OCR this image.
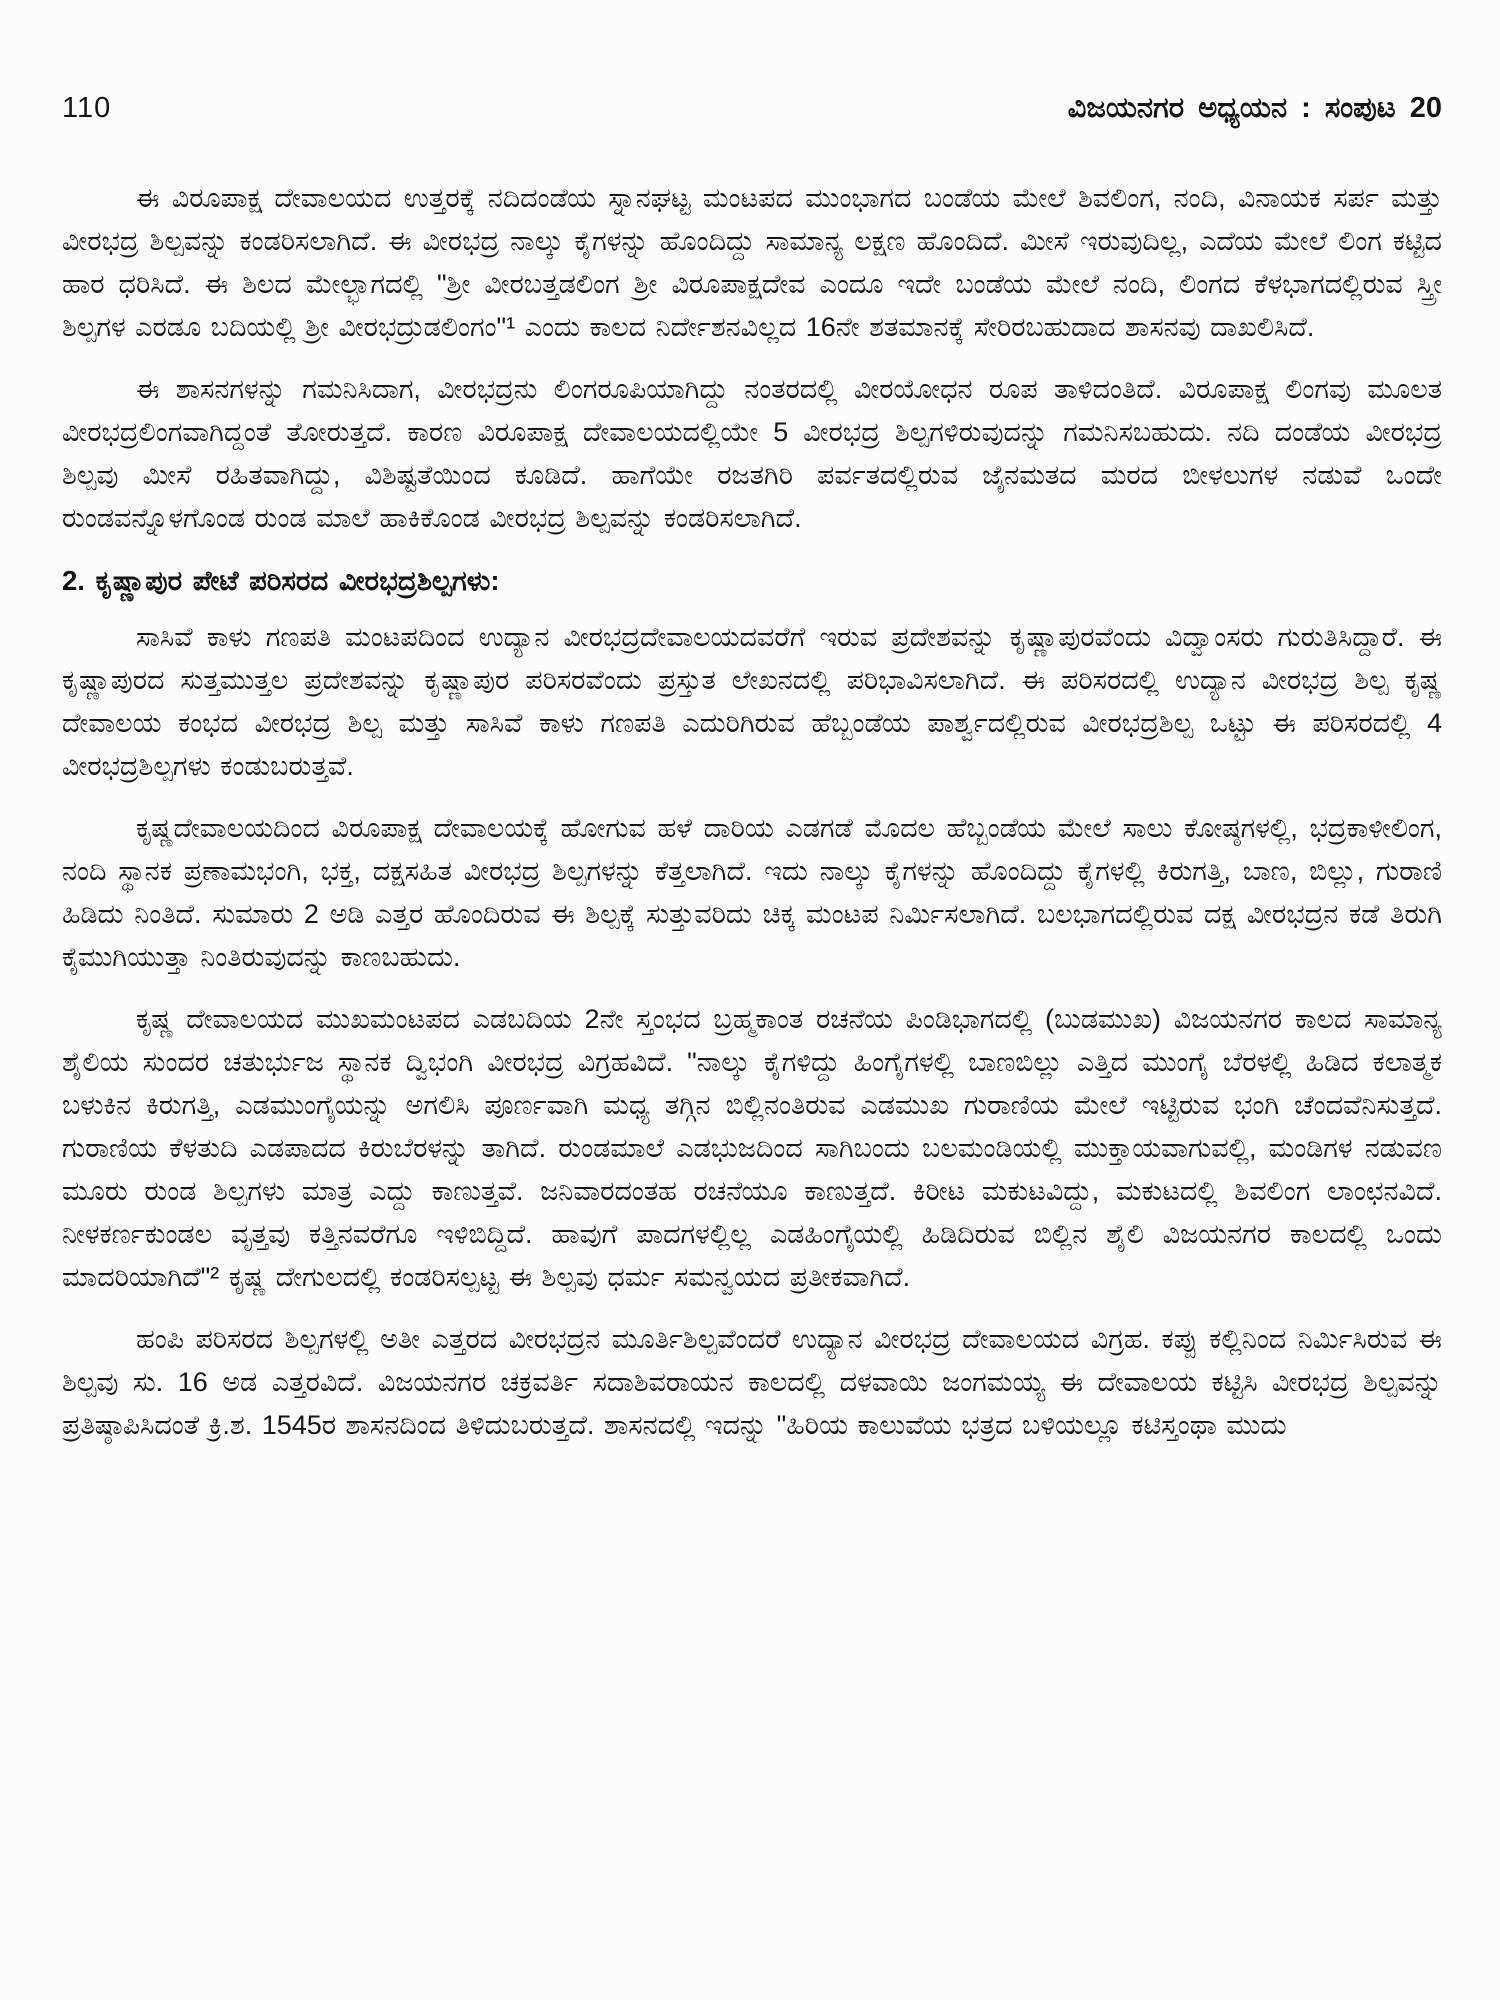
110	ವಿಜಯನಗರ ಅಧ್ಯಯನ : ಸಂಪುಟ 20

ಈ ವಿರೂಪಾಕ್ಷ ದೇವಾಲಯದ ಉತ್ತರಕ್ಕೆ ನದಿದಂಡೆಯ ಸ್ನಾನಘಟ್ಟ ಮಂಟಪದ ಮುಂಭಾಗದ ಬಂಡೆಯ ಮೇಲೆ ಶಿವಲಿಂಗ, ನಂದಿ, ವಿನಾಯಕ ಸರ್ಪ ಮತ್ತು ವೀರಭದ್ರ ಶಿಲ್ಪವನ್ನು ಕಂಡರಿಸಲಾಗಿದೆ. ಈ ವೀರಭದ್ರ ನಾಲ್ಕು ಕೈಗಳನ್ನು ಹೊಂದಿದ್ದು ಸಾಮಾನ್ಯ ಲಕ್ಷಣ ಹೊಂದಿದೆ. ಮೀಸೆ ಇರುವುದಿಲ್ಲ, ಎದೆಯ ಮೇಲೆ ಲಿಂಗ ಕಟ್ಟಿದ ಹಾರ ಧರಿಸಿದೆ. ಈ ಶಿಲದ ಮೇಲ್ಭಾಗದಲ್ಲಿ "ಶ್ರೀ ವೀರಬತ್ತಡಲಿಂಗ ಶ್ರೀ ವಿರೂಪಾಕ್ಷದೇವ ಎಂದೂ ಇದೇ ಬಂಡೆಯ ಮೇಲೆ ನಂದಿ, ಲಿಂಗದ ಕೆಳಭಾಗದಲ್ಲಿರುವ ಸ್ತ್ರೀ ಶಿಲ್ಪಗಳ ಎರಡೂ ಬದಿಯಲ್ಲಿ ಶ್ರೀ ವೀರಭದ್ರುಡಲಿಂಗಂ"¹ ಎಂದು ಕಾಲದ ನಿರ್ದೇಶನವಿಲ್ಲದ 16ನೇ ಶತಮಾನಕ್ಕೆ ಸೇರಿರಬಹುದಾದ ಶಾಸನವು ದಾಖಲಿಸಿದೆ.

ಈ ಶಾಸನಗಳನ್ನು ಗಮನಿಸಿದಾಗ, ವೀರಭದ್ರನು ಲಿಂಗರೂಪಿಯಾಗಿದ್ದು ನಂತರದಲ್ಲಿ ವೀರಯೋಧನ ರೂಪ ತಾಳಿದಂತಿದೆ. ವಿರೂಪಾಕ್ಷ ಲಿಂಗವು ಮೂಲತ ವೀರಭದ್ರಲಿಂಗವಾಗಿದ್ದಂತೆ ತೋರುತ್ತದೆ. ಕಾರಣ ವಿರೂಪಾಕ್ಷ ದೇವಾಲಯದಲ್ಲಿಯೇ 5 ವೀರಭದ್ರ ಶಿಲ್ಪಗಳಿರುವುದನ್ನು ಗಮನಿಸಬಹುದು. ನದಿ ದಂಡೆಯ ವೀರಭದ್ರ ಶಿಲ್ಪವು ಮೀಸೆ ರಹಿತವಾಗಿದ್ದು, ವಿಶಿಷ್ಟತೆಯಿಂದ ಕೂಡಿದೆ. ಹಾಗೆಯೇ ರಜತಗಿರಿ ಪರ್ವತದಲ್ಲಿರುವ ಜೈನಮತದ ಮರದ ಬೀಳಲುಗಳ ನಡುವೆ ಒಂದೇ ರುಂಡವನ್ನೊಳಗೊಂಡ ರುಂಡ ಮಾಲೆ ಹಾಕಿಕೊಂಡ ವೀರಭದ್ರ ಶಿಲ್ಪವನ್ನು ಕಂಡರಿಸಲಾಗಿದೆ.

2. ಕೃಷ್ಣಾಪುರ ಪೇಟೆ ಪರಿಸರದ ವೀರಭದ್ರಶಿಲ್ಪಗಳು:

ಸಾಸಿವೆ ಕಾಳು ಗಣಪತಿ ಮಂಟಪದಿಂದ ಉದ್ಯಾನ ವೀರಭದ್ರದೇವಾಲಯದವರೆಗೆ ಇರುವ ಪ್ರದೇಶವನ್ನು ಕೃಷ್ಣಾಪುರವೆಂದು ವಿದ್ವಾಂಸರು ಗುರುತಿಸಿದ್ದಾರೆ. ಈ ಕೃಷ್ಣಾಪುರದ ಸುತ್ತಮುತ್ತಲ ಪ್ರದೇಶವನ್ನು ಕೃಷ್ಣಾಪುರ ಪರಿಸರವೆಂದು ಪ್ರಸ್ತುತ ಲೇಖನದಲ್ಲಿ ಪರಿಭಾವಿಸಲಾಗಿದೆ. ಈ ಪರಿಸರದಲ್ಲಿ ಉದ್ಯಾನ ವೀರಭದ್ರ ಶಿಲ್ಪ ಕೃಷ್ಣ ದೇವಾಲಯ ಕಂಭದ ವೀರಭದ್ರ ಶಿಲ್ಪ ಮತ್ತು ಸಾಸಿವೆ ಕಾಳು ಗಣಪತಿ ಎದುರಿಗಿರುವ ಹೆಬ್ಬಂಡೆಯ ಪಾರ್ಶ್ವದಲ್ಲಿರುವ ವೀರಭದ್ರಶಿಲ್ಪ ಒಟ್ಟು ಈ ಪರಿಸರದಲ್ಲಿ 4 ವೀರಭದ್ರಶಿಲ್ಪಗಳು ಕಂಡುಬರುತ್ತವೆ.

ಕೃಷ್ಣದೇವಾಲಯದಿಂದ ವಿರೂಪಾಕ್ಷ ದೇವಾಲಯಕ್ಕೆ ಹೋಗುವ ಹಳೆ ದಾರಿಯ ಎಡಗಡೆ ಮೊದಲ ಹೆಬ್ಬಂಡೆಯ ಮೇಲೆ ಸಾಲು ಕೋಷ್ಠಗಳಲ್ಲಿ, ಭದ್ರಕಾಳೀಲಿಂಗ, ನಂದಿ ಸ್ಥಾನಕ ಪ್ರಣಾಮಭಂಗಿ, ಭಕ್ತ, ದಕ್ಷಸಹಿತ ವೀರಭದ್ರ ಶಿಲ್ಪಗಳನ್ನು ಕೆತ್ತಲಾಗಿದೆ. ಇದು ನಾಲ್ಕು ಕೈಗಳನ್ನು ಹೊಂದಿದ್ದು ಕೈಗಳಲ್ಲಿ ಕಿರುಗತ್ತಿ, ಬಾಣ, ಬಿಲ್ಲು, ಗುರಾಣಿ ಹಿಡಿದು ನಿಂತಿದೆ. ಸುಮಾರು 2 ಅಡಿ ಎತ್ತರ ಹೊಂದಿರುವ ಈ ಶಿಲ್ಪಕ್ಕೆ ಸುತ್ತುವರಿದು ಚಿಕ್ಕ ಮಂಟಪ ನಿರ್ಮಿಸಲಾಗಿದೆ. ಬಲಭಾಗದಲ್ಲಿರುವ ದಕ್ಷ ವೀರಭದ್ರನ ಕಡೆ ತಿರುಗಿ ಕೈಮುಗಿಯುತ್ತಾ ನಿಂತಿರುವುದನ್ನು ಕಾಣಬಹುದು.

ಕೃಷ್ಣ ದೇವಾಲಯದ ಮುಖಮಂಟಪದ ಎಡಬದಿಯ 2ನೇ ಸ್ತಂಭದ ಬ್ರಹ್ಮಕಾಂತ ರಚನೆಯ ಪಿಂಡಿಭಾಗದಲ್ಲಿ (ಬುಡಮುಖ) ವಿಜಯನಗರ ಕಾಲದ ಸಾಮಾನ್ಯ ಶೈಲಿಯ ಸುಂದರ ಚತುರ್ಭುಜ ಸ್ಥಾನಕ ದ್ವಿಭಂಗಿ ವೀರಭದ್ರ ವಿಗ್ರಹವಿದೆ. "ನಾಲ್ಕು ಕೈಗಳಿದ್ದು ಹಿಂಗೈಗಳಲ್ಲಿ ಬಾಣಬಿಲ್ಲು ಎತ್ತಿದ ಮುಂಗೈ ಬೆರಳಲ್ಲಿ ಹಿಡಿದ ಕಲಾತ್ಮಕ ಬಳುಕಿನ ಕಿರುಗತ್ತಿ, ಎಡಮುಂಗೈಯನ್ನು ಅಗಲಿಸಿ ಪೂರ್ಣವಾಗಿ ಮಧ್ಯ ತಗ್ಗಿನ ಬಿಲ್ಲಿನಂತಿರುವ ಎಡಮುಖ ಗುರಾಣಿಯ ಮೇಲೆ ಇಟ್ಟಿರುವ ಭಂಗಿ ಚೆಂದವೆನಿಸುತ್ತದೆ. ಗುರಾಣಿಯ ಕೆಳತುದಿ ಎಡಪಾದದ ಕಿರುಬೆರಳನ್ನು ತಾಗಿದೆ. ರುಂಡಮಾಲೆ ಎಡಭುಜದಿಂದ ಸಾಗಿಬಂದು ಬಲಮಂಡಿಯಲ್ಲಿ ಮುಕ್ತಾಯವಾಗುವಲ್ಲಿ, ಮಂಡಿಗಳ ನಡುವಣ ಮೂರು ರುಂಡ ಶಿಲ್ಪಗಳು ಮಾತ್ರ ಎದ್ದು ಕಾಣುತ್ತವೆ. ಜನಿವಾರದಂತಹ ರಚನೆಯೂ ಕಾಣುತ್ತದೆ. ಕಿರೀಟ ಮಕುಟವಿದ್ದು, ಮಕುಟದಲ್ಲಿ ಶಿವಲಿಂಗ ಲಾಂಛನವಿದೆ. ನೀಳಕರ್ಣಕುಂಡಲ ವೃತ್ತವು ಕತ್ತಿನವರೆಗೂ ಇಳಿಬಿದ್ದಿದೆ. ಹಾವುಗೆ ಪಾದಗಳಲ್ಲಿಲ್ಲ ಎಡಹಿಂಗೈಯಲ್ಲಿ ಹಿಡಿದಿರುವ ಬಿಲ್ಲಿನ ಶೈಲಿ ವಿಜಯನಗರ ಕಾಲದಲ್ಲಿ ಒಂದು ಮಾದರಿಯಾಗಿದೆ"² ಕೃಷ್ಣ ದೇಗುಲದಲ್ಲಿ ಕಂಡರಿಸಲ್ಪಟ್ಟ ಈ ಶಿಲ್ಪವು ಧರ್ಮ ಸಮನ್ವಯದ ಪ್ರತೀಕವಾಗಿದೆ.

ಹಂಪಿ ಪರಿಸರದ ಶಿಲ್ಪಗಳಲ್ಲಿ ಅತೀ ಎತ್ತರದ ವೀರಭದ್ರನ ಮೂರ್ತಿಶಿಲ್ಪವೆಂದರೆ ಉದ್ಯಾನ ವೀರಭದ್ರ ದೇವಾಲಯದ ವಿಗ್ರಹ. ಕಪ್ಪು ಕಲ್ಲಿನಿಂದ ನಿರ್ಮಿಸಿರುವ ಈ ಶಿಲ್ಪವು ಸು. 16 ಅಡ ಎತ್ತರವಿದೆ. ವಿಜಯನಗರ ಚಕ್ರವರ್ತಿ ಸದಾಶಿವರಾಯನ ಕಾಲದಲ್ಲಿ ದಳವಾಯಿ ಜಂಗಮಯ್ಯ ಈ ದೇವಾಲಯ ಕಟ್ಟಿಸಿ ವೀರಭದ್ರ ಶಿಲ್ಪವನ್ನು ಪ್ರತಿಷ್ಠಾಪಿಸಿದಂತೆ ಕ್ರಿ.ಶ. 1545ರ ಶಾಸನದಿಂದ ತಿಳಿದುಬರುತ್ತದೆ. ಶಾಸನದಲ್ಲಿ ಇದನ್ನು "ಹಿರಿಯ ಕಾಲುವೆಯ ಭತ್ರದ ಬಳಿಯಲ್ಲೂ ಕಟಿಸ್ತಂಥಾ ಮುದು
